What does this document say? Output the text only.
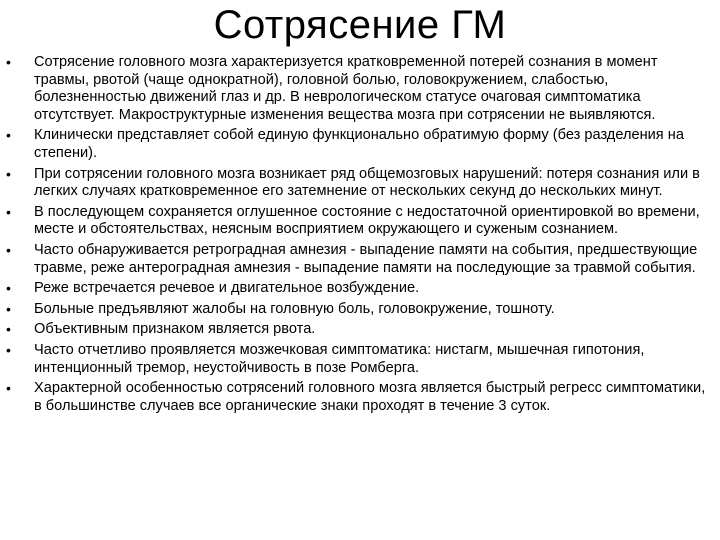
Сотрясение ГМ
•	Сотрясение головного мозга характеризуется кратковременной потерей сознания в момент травмы, рвотой (чаще однократной), головной болью, головокружением, слабостью, болезненностью движений глаз и др. В неврологическом статусе очаговая симптоматика отсутствует. Макроструктурные изменения вещества мозга при сотрясении не выявляются.
•	Клинически представляет собой единую функционально обратимую форму (без разделения на степени).
•	При сотрясении головного мозга возникает ряд общемозговых нарушений: потеря сознания или в легких случаях кратковременное его затемнение от нескольких секунд до нескольких минут.
•	В последующем сохраняется оглушенное состояние с недостаточной ориентировкой во времени, месте и обстоятельствах, неясным восприятием окружающего и суженым сознанием.
•	Часто обнаруживается ретроградная амнезия - выпадение памяти на события, предшествующие травме, реже антероградная амнезия - выпадение памяти на последующие за травмой события.
•	Реже встречается речевое и двигательное возбуждение.
•	Больные предъявляют жалобы на головную боль, головокружение, тошноту.
•	Объективным признаком является рвота.
•	Часто отчетливо проявляется мозжечковая симптоматика: нистагм, мышечная гипотония, интенционный тремор, неустойчивость в позе Ромберга.
•	Характерной особенностью сотрясений головного мозга является быстрый регресс симптоматики, в большинстве случаев все органические знаки проходят в течение 3 суток.
